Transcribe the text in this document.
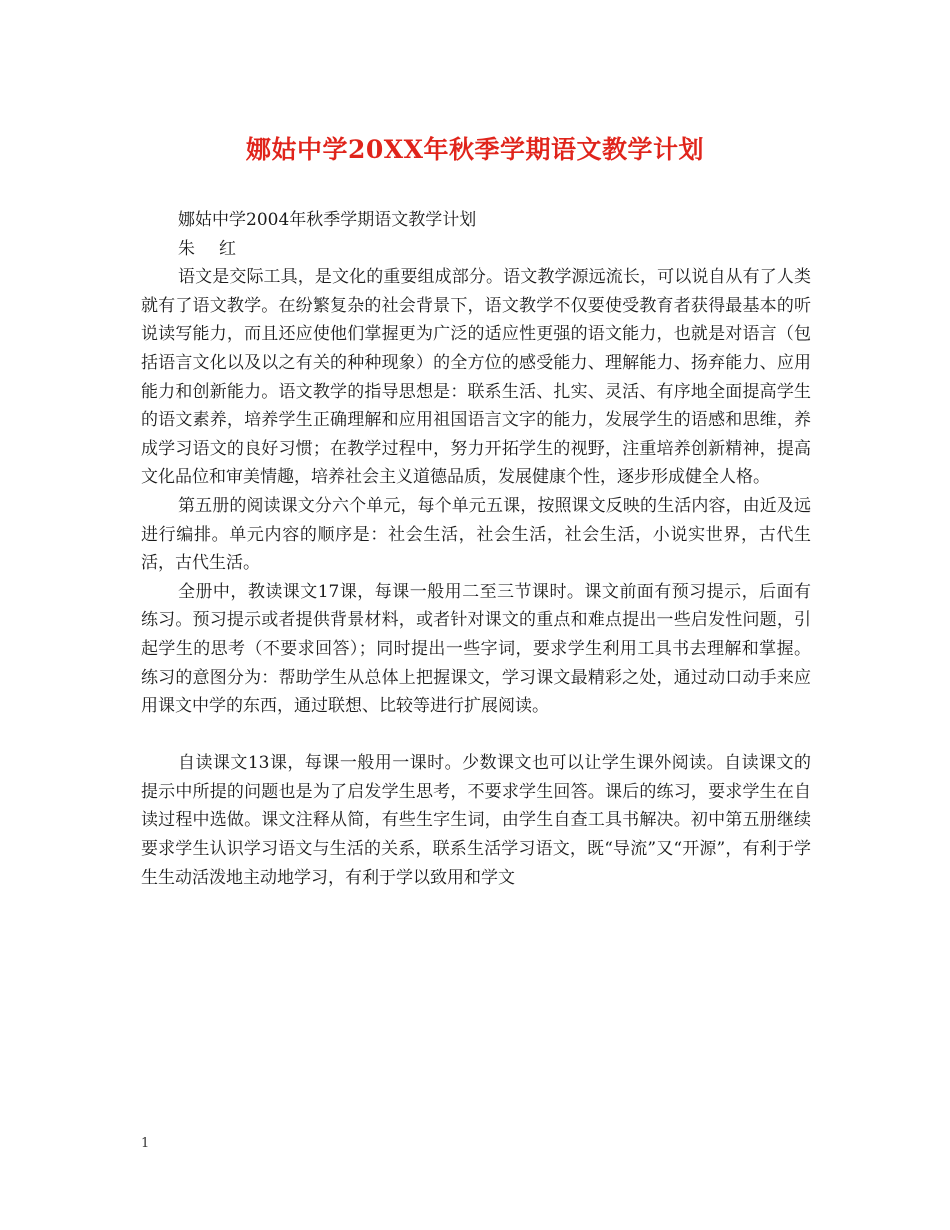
娜姑中学20XX年秋季学期语文教学计划

娜姑中学2004年秋季学期语文教学计划

朱 红

语文是交际工具，是文化的重要组成部分。语文教学源远流长，可以说自从有了人类就有了语文教学。在纷繁复杂的社会背景下，语文教学不仅要使受教育者获得最基本的听说读写能力，而且还应使他们掌握更为广泛的适应性更强的语文能力，也就是对语言（包括语言文化以及以之有关的种种现象）的全方位的感受能力、理解能力、扬弃能力、应用能力和创新能力。语文教学的指导思想是：联系生活、扎实、灵活、有序地全面提高学生的语文素养，培养学生正确理解和应用祖国语言文字的能力，发展学生的语感和思维，养成学习语文的良好习惯；在教学过程中，努力开拓学生的视野，注重培养创新精神，提高文化品位和审美情趣，培养社会主义道德品质，发展健康个性，逐步形成健全人格。

第五册的阅读课文分六个单元，每个单元五课，按照课文反映的生活内容，由近及远进行编排。单元内容的顺序是：社会生活，社会生活，社会生活，小说实世界，古代生活，古代生活。

全册中，教读课文17课，每课一般用二至三节课时。课文前面有预习提示，后面有练习。预习提示或者提供背景材料，或者针对课文的重点和难点提出一些启发性问题，引起学生的思考（不要求回答）；同时提出一些字词，要求学生利用工具书去理解和掌握。练习的意图分为：帮助学生从总体上把握课文，学习课文最精彩之处，通过动口动手来应用课文中学的东西，通过联想、比较等进行扩展阅读。

自读课文13课，每课一般用一课时。少数课文也可以让学生课外阅读。自读课文的提示中所提的问题也是为了启发学生思考，不要求学生回答。课后的练习，要求学生在自读过程中选做。课文注释从简，有些生字生词，由学生自查工具书解决。初中第五册继续要求学生认识学习语文与生活的关系，联系生活学习语文，既“导流”又“开源”，有利于学生生动活泼地主动地学习，有利于学以致用和学文

1
